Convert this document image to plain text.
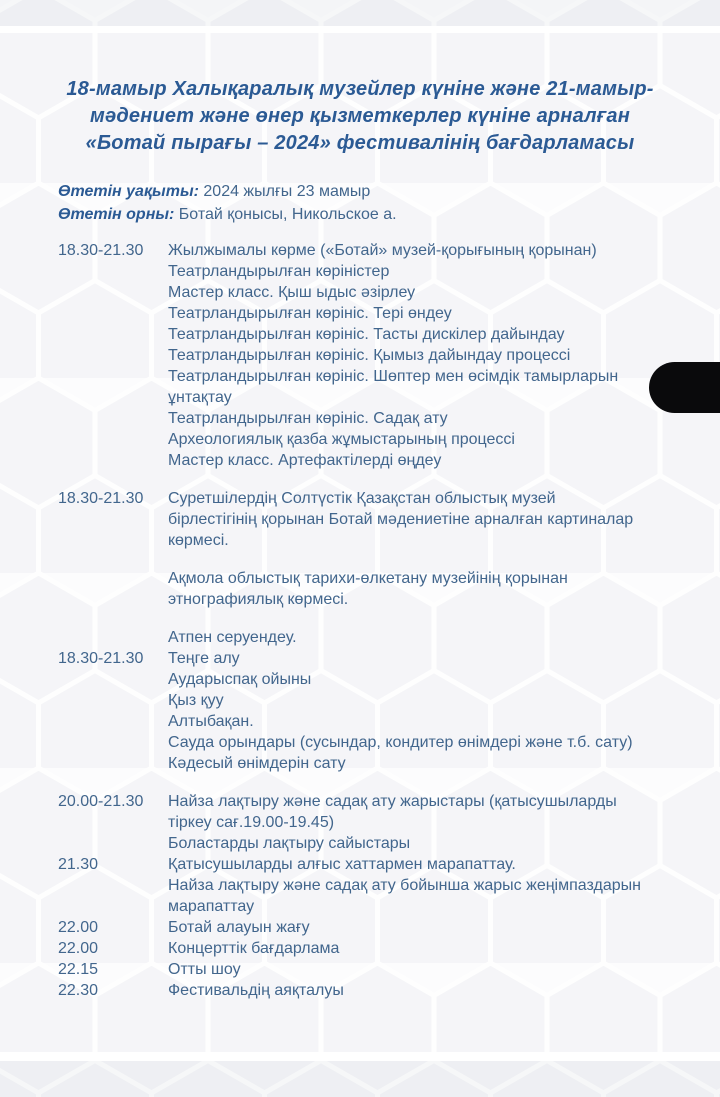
18-мамыр Халықаралық музейлер күніне және 21-мамыр-
мәдениет және өнер қызметкерлер күніне арналған
«Ботай пырағы – 2024» фестивалінің бағдарламасы
Өтетін уақыты: 2024 жылғы 23 мамыр
Өтетін орны: Ботай қонысы, Никольское а.
18.30-21.30	Жылжымалы көрме («Ботай» музей-қорығының қорынан)
Театрландырылған көріністер
Мастер класс. Қыш ыдыс әзірлеу
Театрландырылған көрініс. Тері өндеу
Театрландырылған көрініс. Тасты дискілер дайындау
Театрландырылған көрініс. Қымыз дайындау процессі
Театрландырылған көрініс. Шөптер мен өсімдік тамырларын ұнтақтау
Театрландырылған көрініс. Садақ ату
Археологиялық қазба жұмыстарының процессі
Мастер класс. Артефактілерді өңдеу
18.30-21.30	Суретшілердің Солтүстік Қазақстан облыстық музей бірлестігінің қорынан Ботай мәдениетіне арналған картиналар көрмесі.
Ақмола облыстық тарихи-өлкетану музейінің қорынан этнографиялық көрмесі.
Атпен серуендеу.
18.30-21.30	Теңге алу
Аударыспақ ойыны
Қыз қуу
Алтыбақан.
Сауда орындары (сусындар, кондитер өнімдері және т.б. сату)
Кәдесый өнімдерін сату
20.00-21.30	Найза лақтыру және садақ ату жарыстары (қатысушыларды тіркеу сағ.19.00-19.45)
Боластарды лақтыру сайыстары
21.30	Қатысушыларды алғыс хаттармен марапаттау.
Найза лақтыру және садақ ату бойынша жарыс жеңімпаздарын марапаттау
22.00	Ботай алауын жағу
22.00	Концерттік бағдарлама
22.15	Отты шоу
22.30	Фестивальдің аяқталуы
